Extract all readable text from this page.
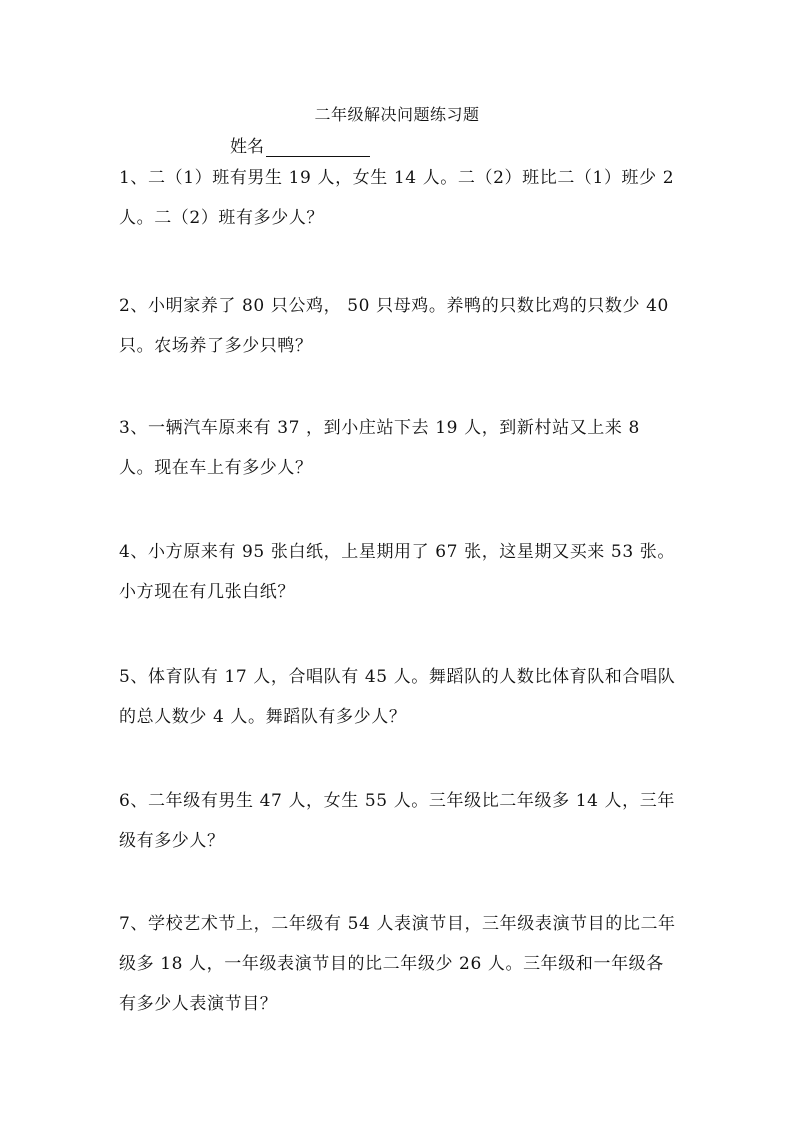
二年级解决问题练习题
姓名

1、二（1）班有男生 19 人，女生 14 人。二（2）班比二（1）班少 2 人。二（2）班有多少人？

2、小明家养了 80 只公鸡， 50 只母鸡。养鸭的只数比鸡的只数少 40 只。农场养了多少只鸭？

3、一辆汽车原来有 37 ，到小庄站下去 19 人，到新村站又上来 8 人。现在车上有多少人？

4、小方原来有 95 张白纸，上星期用了 67 张，这星期又买来 53 张。小方现在有几张白纸？

5、体育队有 17 人，合唱队有 45 人。舞蹈队的人数比体育队和合唱队的总人数少 4 人。舞蹈队有多少人？

6、二年级有男生 47 人，女生 55 人。三年级比二年级多 14 人，三年级有多少人？

7、学校艺术节上，二年级有 54 人表演节目，三年级表演节目的比二年级多 18 人，一年级表演节目的比二年级少 26 人。三年级和一年级各有多少人表演节目？
